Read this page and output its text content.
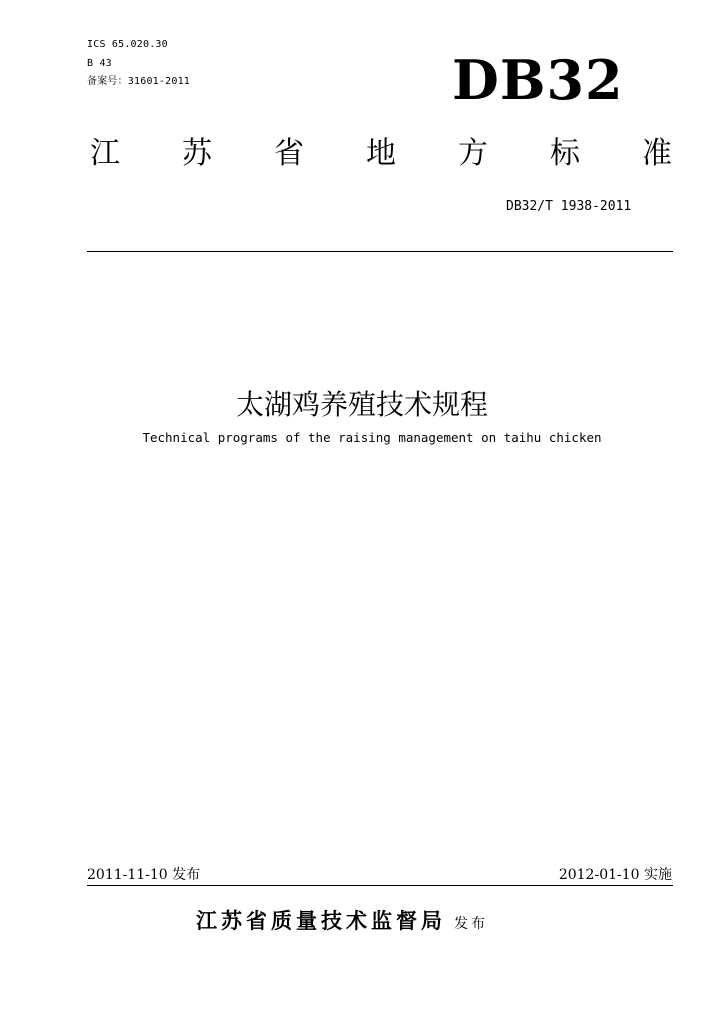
ICS 65.020.30
B 43
备案号：31601-2011	DB32
江 苏 省 地 方 标 准
DB32/T 1938-2011
太湖鸡养殖技术规程
Technical programs of the raising management on taihu chicken
2011-11-10 发布	2012-01-10 实施
江苏省质量技术监督局 发布
